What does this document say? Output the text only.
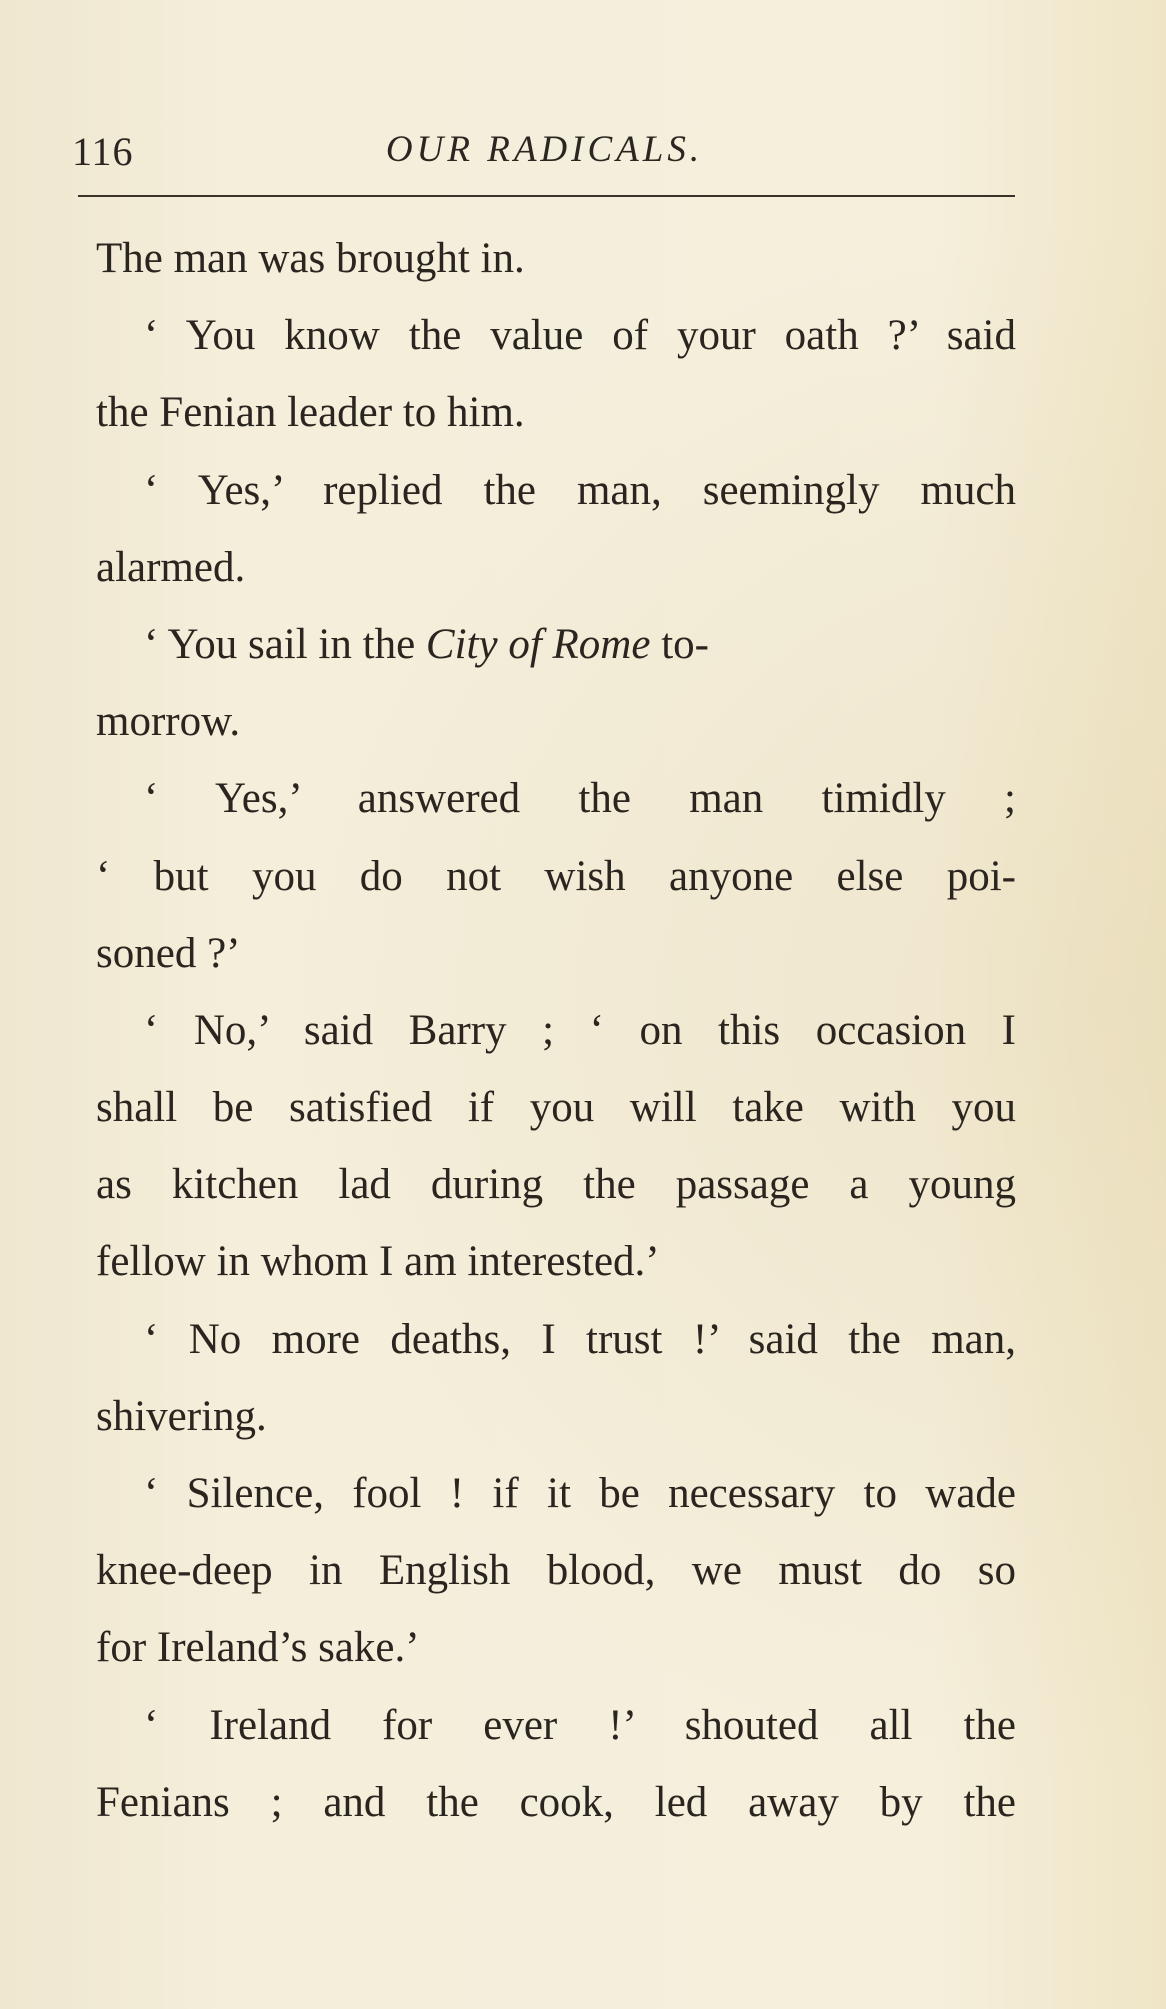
116	OUR RADICALS.
The man was brought in.
‘ You know the value of your oath ?’ said
the Fenian leader to him.
‘ Yes,’ replied the man, seemingly much
alarmed.
‘ You sail in the City of Rome to-
morrow.
‘ Yes,’ answered the man timidly ;
‘ but you do not wish anyone else poi-
soned ?’
‘ No,’ said Barry ; ‘ on this occasion I
shall be satisfied if you will take with you
as kitchen lad during the passage a young
fellow in whom I am interested.’
‘ No more deaths, I trust !’ said the man,
shivering.
‘ Silence, fool ! if it be necessary to wade
knee-deep in English blood, we must do so
for Ireland’s sake.’
‘ Ireland for ever !’ shouted all the
Fenians ; and the cook, led away by the
